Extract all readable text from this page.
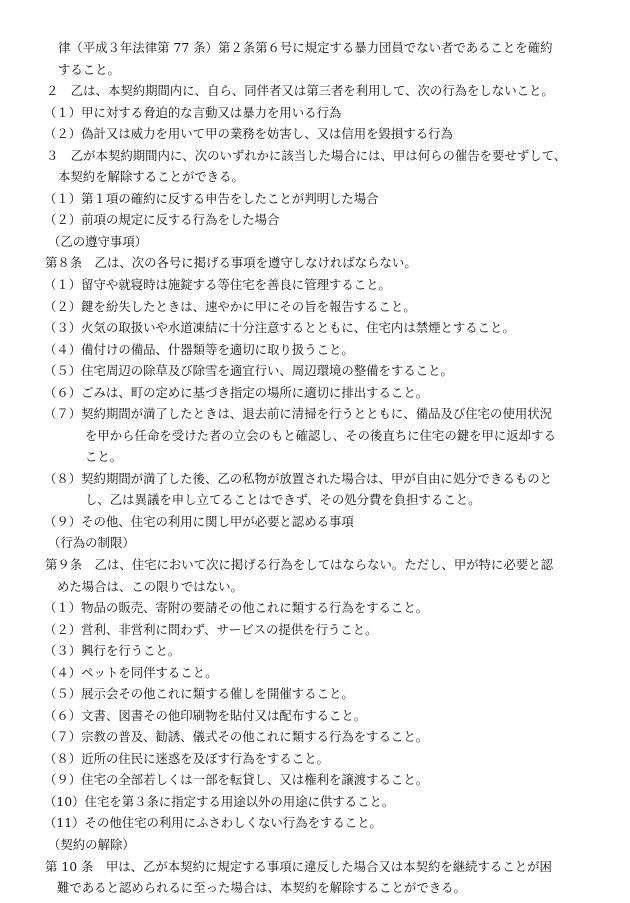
律（平成３年法律第 77 条）第２条第６号に規定する暴力団員でない者であることを確約
すること。
２　乙は、本契約期間内に、自ら、同伴者又は第三者を利用して、次の行為をしないこと。
（１）甲に対する脅迫的な言動又は暴力を用いる行為
（２）偽計又は威力を用いて甲の業務を妨害し、又は信用を毀損する行為
３　乙が本契約期間内に、次のいずれかに該当した場合には、甲は何らの催告を要せずして、
本契約を解除することができる。
（１）第１項の確約に反する申告をしたことが判明した場合
（２）前項の規定に反する行為をした場合
（乙の遵守事項）
第８条　乙は、次の各号に掲げる事項を遵守しなければならない。
（１）留守や就寝時は施錠する等住宅を善良に管理すること。
（２）鍵を紛失したときは、速やかに甲にその旨を報告すること。
（３）火気の取扱いや水道凍結に十分注意するとともに、住宅内は禁煙とすること。
（４）備付けの備品、什器類等を適切に取り扱うこと。
（５）住宅周辺の除草及び除雪を適宜行い、周辺環境の整備をすること。
（６）ごみは、町の定めに基づき指定の場所に適切に排出すること。
（７）契約期間が満了したときは、退去前に清掃を行うとともに、備品及び住宅の使用状況
を甲から任命を受けた者の立会のもと確認し、その後直ちに住宅の鍵を甲に返却する
こと。
（８）契約期間が満了した後、乙の私物が放置された場合は、甲が自由に処分できるものと
し、乙は異議を申し立てることはできず、その処分費を負担すること。
（９）その他、住宅の利用に関し甲が必要と認める事項
（行為の制限）
第９条　乙は、住宅において次に掲げる行為をしてはならない。ただし、甲が特に必要と認
めた場合は、この限りではない。
（１）物品の販売、寄附の要請その他これに類する行為をすること。
（２）営利、非営利に問わず、サービスの提供を行うこと。
（３）興行を行うこと。
（４）ペットを同伴すること。
（５）展示会その他これに類する催しを開催すること。
（６）文書、図書その他印刷物を貼付又は配布すること。
（７）宗教の普及、勧誘、儀式その他これに類する行為をすること。
（８）近所の住民に迷惑を及ぼす行為をすること。
（９）住宅の全部若しくは一部を転貸し、又は権利を譲渡すること。
（10）住宅を第３条に指定する用途以外の用途に供すること。
（11）その他住宅の利用にふさわしくない行為をすること。
（契約の解除）
第 10 条　甲は、乙が本契約に規定する事項に違反した場合又は本契約を継続することが困
難であると認められるに至った場合は、本契約を解除することができる。
